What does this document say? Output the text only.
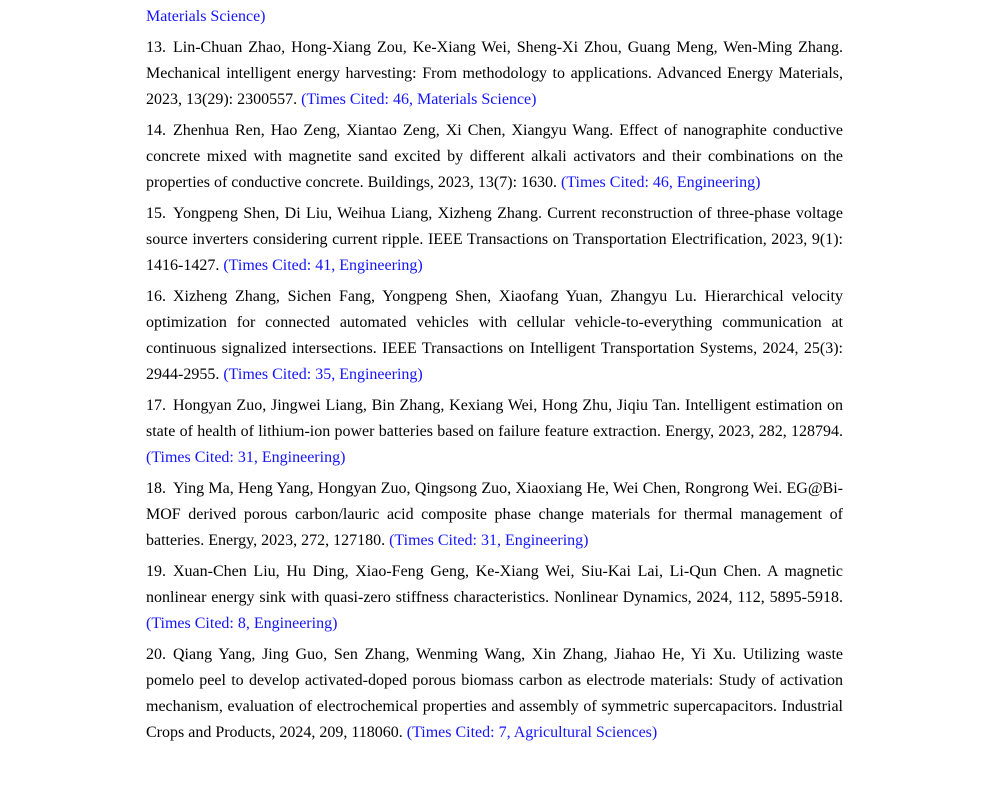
Materials Science)

13. Lin-Chuan Zhao, Hong-Xiang Zou, Ke-Xiang Wei, Sheng-Xi Zhou, Guang Meng, Wen-Ming Zhang. Mechanical intelligent energy harvesting: From methodology to applications. Advanced Energy Materials, 2023, 13(29): 2300557. (Times Cited: 46, Materials Science)

14. Zhenhua Ren, Hao Zeng, Xiantao Zeng, Xi Chen, Xiangyu Wang. Effect of nanographite conductive concrete mixed with magnetite sand excited by different alkali activators and their combinations on the properties of conductive concrete. Buildings, 2023, 13(7): 1630. (Times Cited: 46, Engineering)

15. Yongpeng Shen, Di Liu, Weihua Liang, Xizheng Zhang. Current reconstruction of three-phase voltage source inverters considering current ripple. IEEE Transactions on Transportation Electrification, 2023, 9(1): 1416-1427. (Times Cited: 41, Engineering)

16. Xizheng Zhang, Sichen Fang, Yongpeng Shen, Xiaofang Yuan, Zhangyu Lu. Hierarchical velocity optimization for connected automated vehicles with cellular vehicle-to-everything communication at continuous signalized intersections. IEEE Transactions on Intelligent Transportation Systems, 2024, 25(3): 2944-2955. (Times Cited: 35, Engineering)

17. Hongyan Zuo, Jingwei Liang, Bin Zhang, Kexiang Wei, Hong Zhu, Jiqiu Tan. Intelligent estimation on state of health of lithium-ion power batteries based on failure feature extraction. Energy, 2023, 282, 128794. (Times Cited: 31, Engineering)

18. Ying Ma, Heng Yang, Hongyan Zuo, Qingsong Zuo, Xiaoxiang He, Wei Chen, Rongrong Wei. EG@Bi-MOF derived porous carbon/lauric acid composite phase change materials for thermal management of batteries. Energy, 2023, 272, 127180. (Times Cited: 31, Engineering)

19. Xuan-Chen Liu, Hu Ding, Xiao-Feng Geng, Ke-Xiang Wei, Siu-Kai Lai, Li-Qun Chen. A magnetic nonlinear energy sink with quasi-zero stiffness characteristics. Nonlinear Dynamics, 2024, 112, 5895-5918. (Times Cited: 8, Engineering)

20. Qiang Yang, Jing Guo, Sen Zhang, Wenming Wang, Xin Zhang, Jiahao He, Yi Xu. Utilizing waste pomelo peel to develop activated-doped porous biomass carbon as electrode materials: Study of activation mechanism, evaluation of electrochemical properties and assembly of symmetric supercapacitors. Industrial Crops and Products, 2024, 209, 118060. (Times Cited: 7, Agricultural Sciences)
